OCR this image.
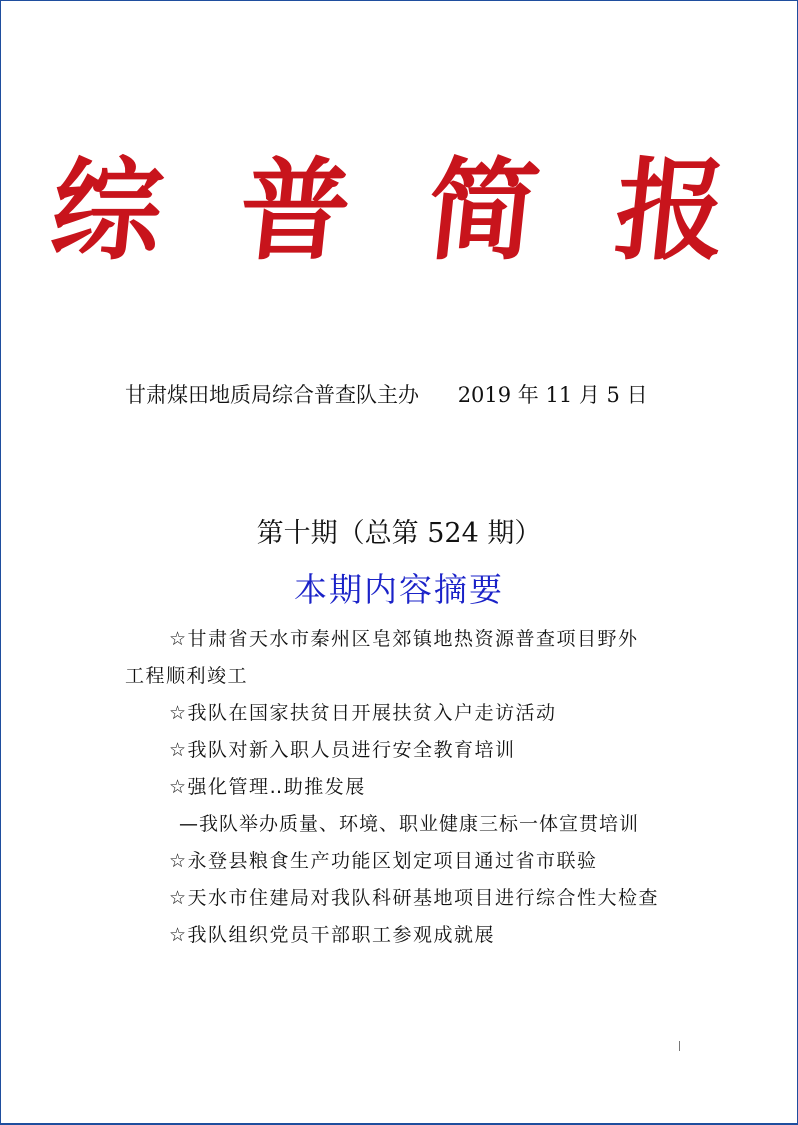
综 普 简 报
甘肃煤田地质局综合普查队主办 2019 年 11 月 5 日
第十期（总第 524 期）
本期内容摘要
☆甘肃省天水市秦州区皂郊镇地热资源普查项目野外
工程顺利竣工
☆我队在国家扶贫日开展扶贫入户走访活动
☆我队对新入职人员进行安全教育培训
☆强化管理‥助推发展
—我队举办质量、环境、职业健康三标一体宣贯培训
☆永登县粮食生产功能区划定项目通过省市联验
☆天水市住建局对我队科研基地项目进行综合性大检查
☆我队组织党员干部职工参观成就展
